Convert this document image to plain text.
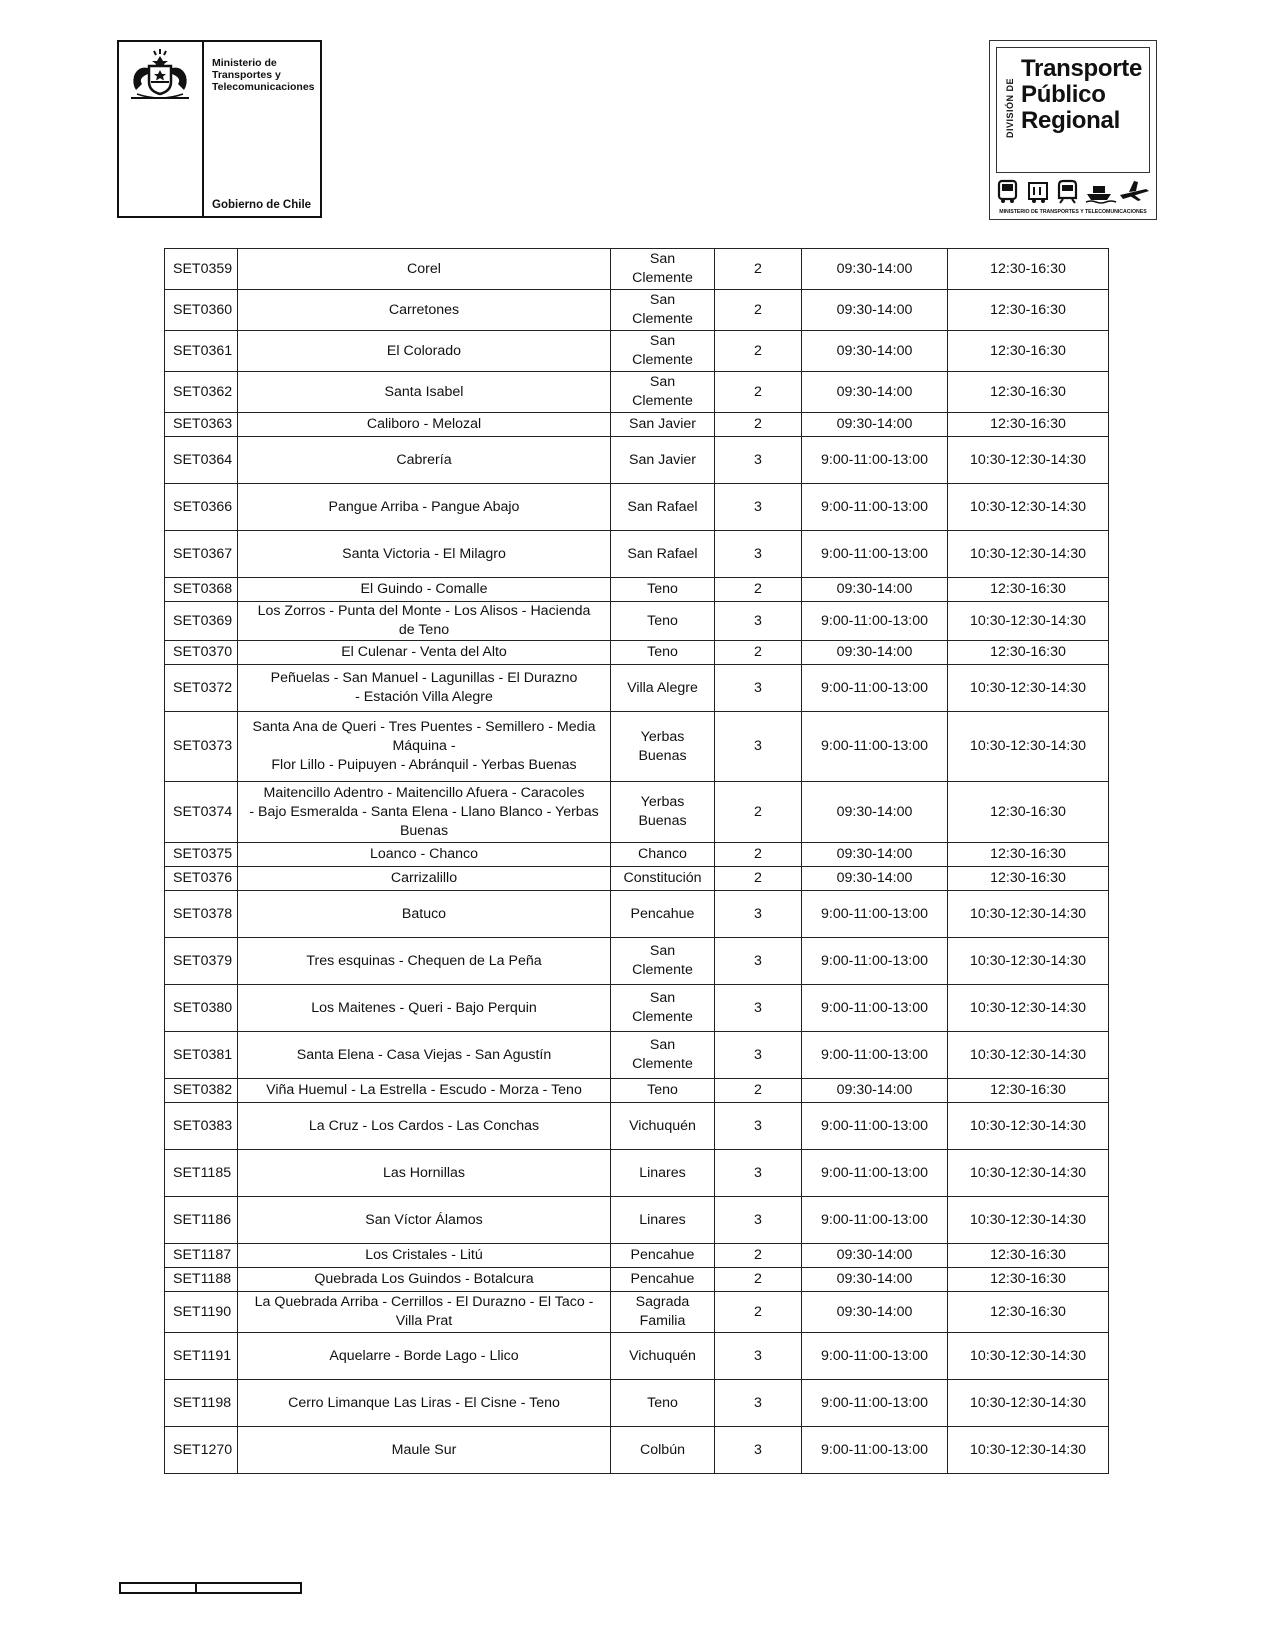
Ministerio de
Transportes y
Telecomunicaciones
Gobierno de Chile
DIVISIÓN DE
Transporte
Público
Regional
MINISTERIO DE TRANSPORTES Y TELECOMUNICACIONES
SET0359	Corel	San
Clemente	2	09:30-14:00	12:30-16:30
SET0360	Carretones	San
Clemente	2	09:30-14:00	12:30-16:30
SET0361	El Colorado	San
Clemente	2	09:30-14:00	12:30-16:30
SET0362	Santa Isabel	San
Clemente	2	09:30-14:00	12:30-16:30
SET0363	Caliboro - Melozal	San Javier	2	09:30-14:00	12:30-16:30
SET0364	Cabrería	San Javier	3	9:00-11:00-13:00	10:30-12:30-14:30
SET0366	Pangue Arriba - Pangue Abajo	San Rafael	3	9:00-11:00-13:00	10:30-12:30-14:30
SET0367	Santa Victoria - El Milagro	San Rafael	3	9:00-11:00-13:00	10:30-12:30-14:30
SET0368	El Guindo - Comalle	Teno	2	09:30-14:00	12:30-16:30
SET0369	Los Zorros - Punta del Monte - Los Alisos - Hacienda
de Teno	Teno	3	9:00-11:00-13:00	10:30-12:30-14:30
SET0370	El Culenar - Venta del Alto	Teno	2	09:30-14:00	12:30-16:30
SET0372	Peñuelas - San Manuel - Lagunillas - El Durazno
- Estación Villa Alegre	Villa Alegre	3	9:00-11:00-13:00	10:30-12:30-14:30
SET0373	Santa Ana de Queri - Tres Puentes - Semillero - Media
Máquina -
Flor Lillo - Puipuyen - Abránquil - Yerbas Buenas	Yerbas
Buenas	3	9:00-11:00-13:00	10:30-12:30-14:30
SET0374	Maitencillo Adentro - Maitencillo Afuera - Caracoles
- Bajo Esmeralda - Santa Elena - Llano Blanco - Yerbas
Buenas	Yerbas
Buenas	2	09:30-14:00	12:30-16:30
SET0375	Loanco - Chanco	Chanco	2	09:30-14:00	12:30-16:30
SET0376	Carrizalillo	Constitución	2	09:30-14:00	12:30-16:30
SET0378	Batuco	Pencahue	3	9:00-11:00-13:00	10:30-12:30-14:30
SET0379	Tres esquinas - Chequen de La Peña	San
Clemente	3	9:00-11:00-13:00	10:30-12:30-14:30
SET0380	Los Maitenes - Queri - Bajo Perquin	San
Clemente	3	9:00-11:00-13:00	10:30-12:30-14:30
SET0381	Santa Elena - Casa Viejas - San Agustín	San
Clemente	3	9:00-11:00-13:00	10:30-12:30-14:30
SET0382	Viña Huemul - La Estrella - Escudo - Morza - Teno	Teno	2	09:30-14:00	12:30-16:30
SET0383	La Cruz - Los Cardos - Las Conchas	Vichuquén	3	9:00-11:00-13:00	10:30-12:30-14:30
SET1185	Las Hornillas	Linares	3	9:00-11:00-13:00	10:30-12:30-14:30
SET1186	San Víctor Álamos	Linares	3	9:00-11:00-13:00	10:30-12:30-14:30
SET1187	Los Cristales - Litú	Pencahue	2	09:30-14:00	12:30-16:30
SET1188	Quebrada Los Guindos - Botalcura	Pencahue	2	09:30-14:00	12:30-16:30
SET1190	La Quebrada Arriba - Cerrillos - El Durazno - El Taco -
Villa Prat	Sagrada
Familia	2	09:30-14:00	12:30-16:30
SET1191	Aquelarre - Borde Lago - Llico	Vichuquén	3	9:00-11:00-13:00	10:30-12:30-14:30
SET1198	Cerro Limanque Las Liras - El Cisne - Teno	Teno	3	9:00-11:00-13:00	10:30-12:30-14:30
SET1270	Maule Sur	Colbún	3	9:00-11:00-13:00	10:30-12:30-14:30
